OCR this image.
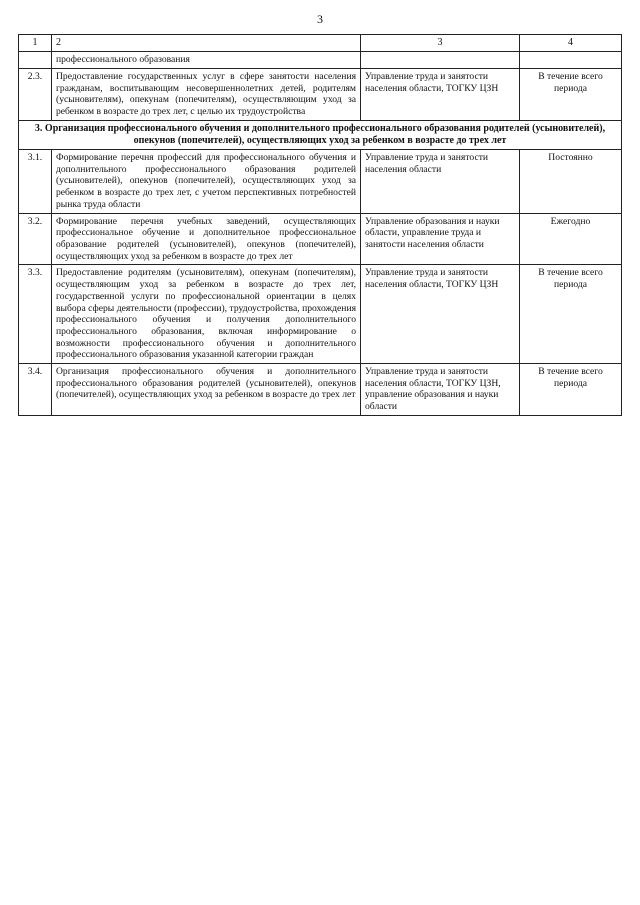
3
1	2	3	4
	профессионального образования		
2.3.	Предоставление государственных услуг в сфере занятости населения гражданам, воспитывающим несовершеннолетних детей, родителям (усыновителям), опекунам (попечителям), осуществляющим уход за ребенком в возрасте до трех лет, с целью их трудоустройства	Управление труда и занятости населения области, ТОГКУ ЦЗН	В течение всего периода
3. Организация профессионального обучения и дополнительного профессионального образования родителей (усыновителей), опекунов (попечителей), осуществляющих уход за ребенком в возрасте до трех лет			
3.1.	Формирование перечня профессий для профессионального обучения и дополнительного профессионального образования родителей (усыновителей), опекунов (попечителей), осуществляющих уход за ребенком в возрасте до трех лет, с учетом перспективных потребностей рынка труда области	Управление труда и занятости населения области	Постоянно
3.2.	Формирование перечня учебных заведений, осуществляющих профессиональное обучение и дополнительное профессиональное образование родителей (усыновителей), опекунов (попечителей), осуществляющих уход за ребенком в возрасте до трех лет	Управление образования и науки области, управление труда и занятости населения области	Ежегодно
3.3.	Предоставление родителям (усыновителям), опекунам (попечителям), осуществляющим уход за ребенком в возрасте до трех лет, государственной услуги по профессиональной ориентации в целях выбора сферы деятельности (профессии), трудоустройства, прохождения профессионального обучения и получения дополнительного профессионального образования, включая информирование о возможности профессионального обучения и дополнительного профессионального образования указанной категории граждан	Управление труда и занятости населения области, ТОГКУ ЦЗН	В течение всего периода
3.4.	Организация профессионального обучения и дополнительного профессионального образования родителей (усыновителей), опекунов (попечителей), осуществляющих уход за ребенком в возрасте до трех лет	Управление труда и занятости населения области, ТОГКУ ЦЗН, управление образования и науки области	В течение всего периода
